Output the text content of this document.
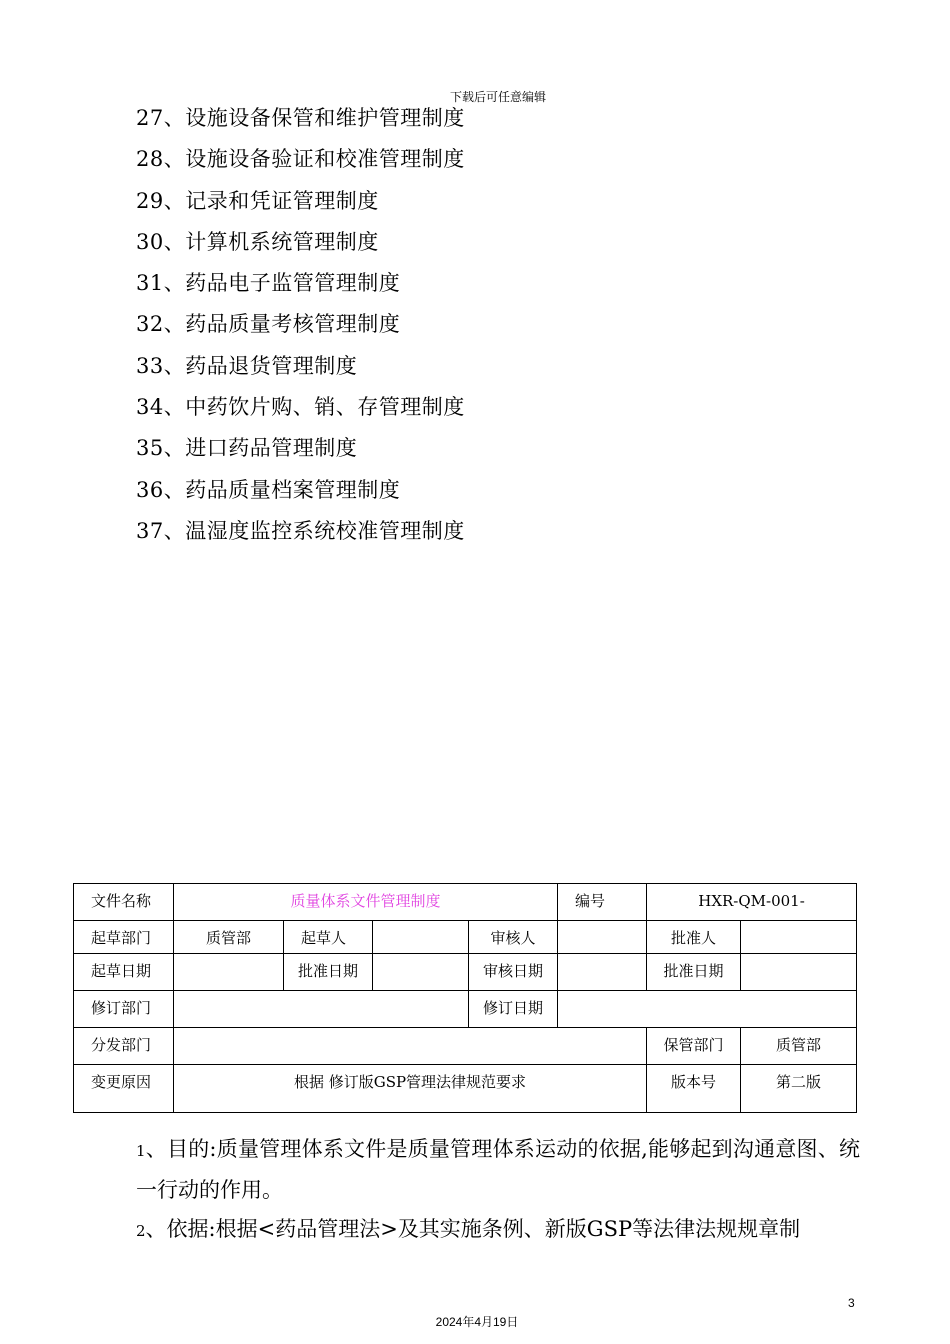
下载后可任意编辑
27、设施设备保管和维护管理制度
28、设施设备验证和校准管理制度
29、记录和凭证管理制度
30、计算机系统管理制度
31、药品电子监管管理制度
32、药品质量考核管理制度
33、药品退货管理制度
34、中药饮片购、销、存管理制度
35、进口药品管理制度
36、药品质量档案管理制度
37、温湿度监控系统校准管理制度
文件名称	质量体系文件管理制度				编号	HXR-QM-001-	
起草部门	质管部	起草人		审核人		批准人	
起草日期		批准日期		审核日期		批准日期	
修订部门				修订日期			
分发部门						保管部门	质管部
变更原因	根据 修订版GSP管理法律规范要求					版本号	第二版

1、目的:质量管理体系文件是质量管理体系运动的依据,能够起到沟通意图、统一行动的作用。

2、依据:根据<药品管理法>及其实施条例、新版GSP等法律法规规章制

3
2024年4月19日
